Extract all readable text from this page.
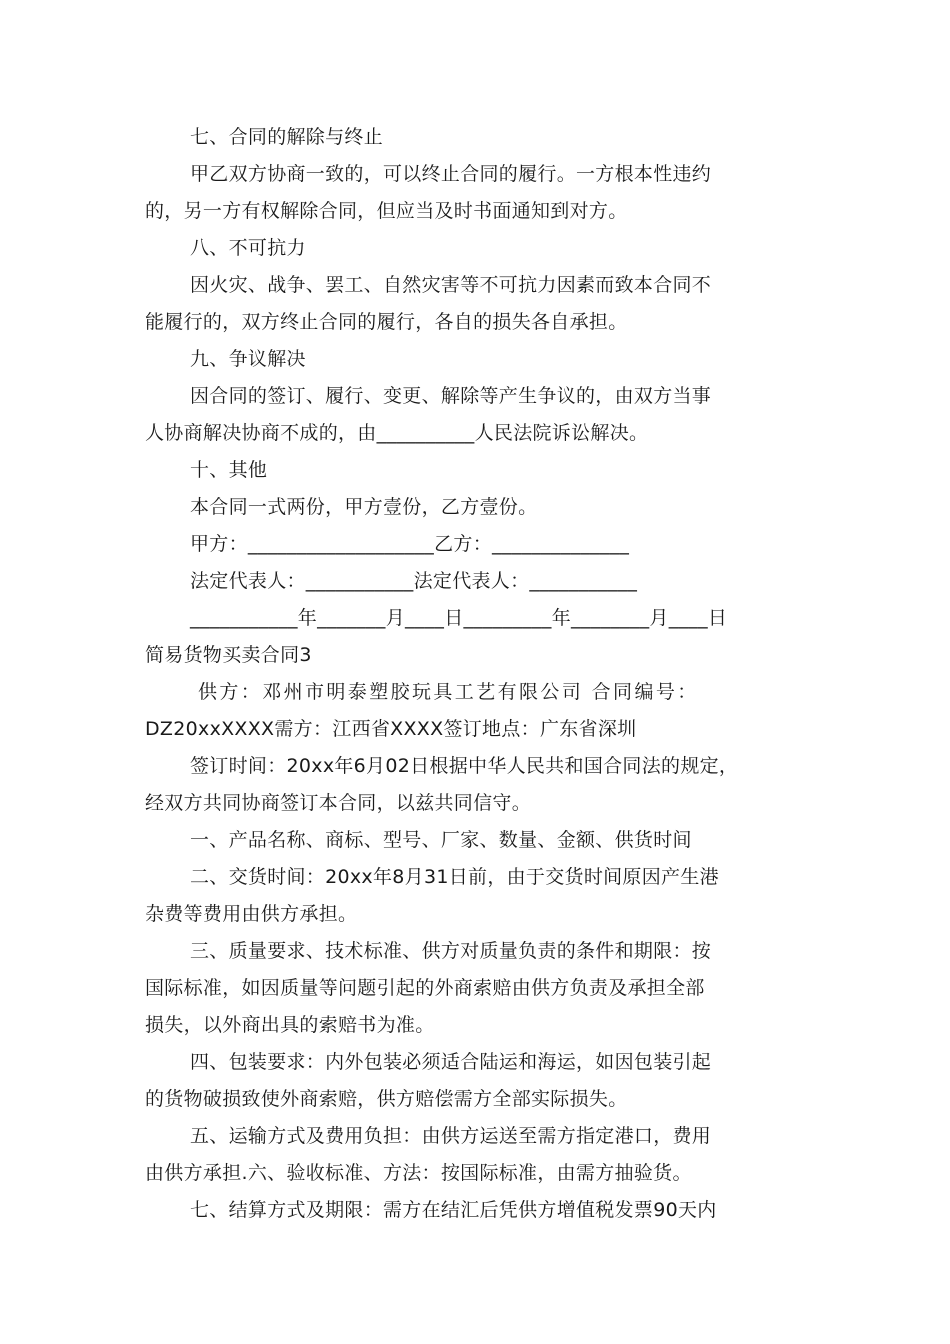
七、合同的解除与终止
甲乙双方协商一致的，可以终止合同的履行。一方根本性违约
的，另一方有权解除合同，但应当及时书面通知到对方。
八、不可抗力
因火灾、战争、罢工、自然灾害等不可抗力因素而致本合同不
能履行的，双方终止合同的履行，各自的损失各自承担。
九、争议解决
因合同的签订、履行、变更、解除等产生争议的，由双方当事
人协商解决协商不成的，由__________人民法院诉讼解决。
十、其他
本合同一式两份，甲方壹份，乙方壹份。
甲方：___________________乙方：______________
法定代表人：___________法定代表人：___________
___________年_______月____日_________年________月____日
简易货物买卖合同3
供方：邓州市明泰塑胶玩具工艺有限公司 合同编号：
DZ20xxXXXX需方：江西省XXXX签订地点：广东省深圳
签订时间：20xx年6月02日根据中华人民共和国合同法的规定，
经双方共同协商签订本合同，以兹共同信守。
一、产品名称、商标、型号、厂家、数量、金额、供货时间
二、交货时间：20xx年8月31日前，由于交货时间原因产生港
杂费等费用由供方承担。
三、质量要求、技术标准、供方对质量负责的条件和期限：按
国际标准，如因质量等问题引起的外商索赔由供方负责及承担全部
损失，以外商出具的索赔书为准。
四、包装要求：内外包装必须适合陆运和海运，如因包装引起
的货物破损致使外商索赔，供方赔偿需方全部实际损失。
五、运输方式及费用负担：由供方运送至需方指定港口，费用
由供方承担.六、验收标准、方法：按国际标准，由需方抽验货。
七、结算方式及期限：需方在结汇后凭供方增值税发票90天内
